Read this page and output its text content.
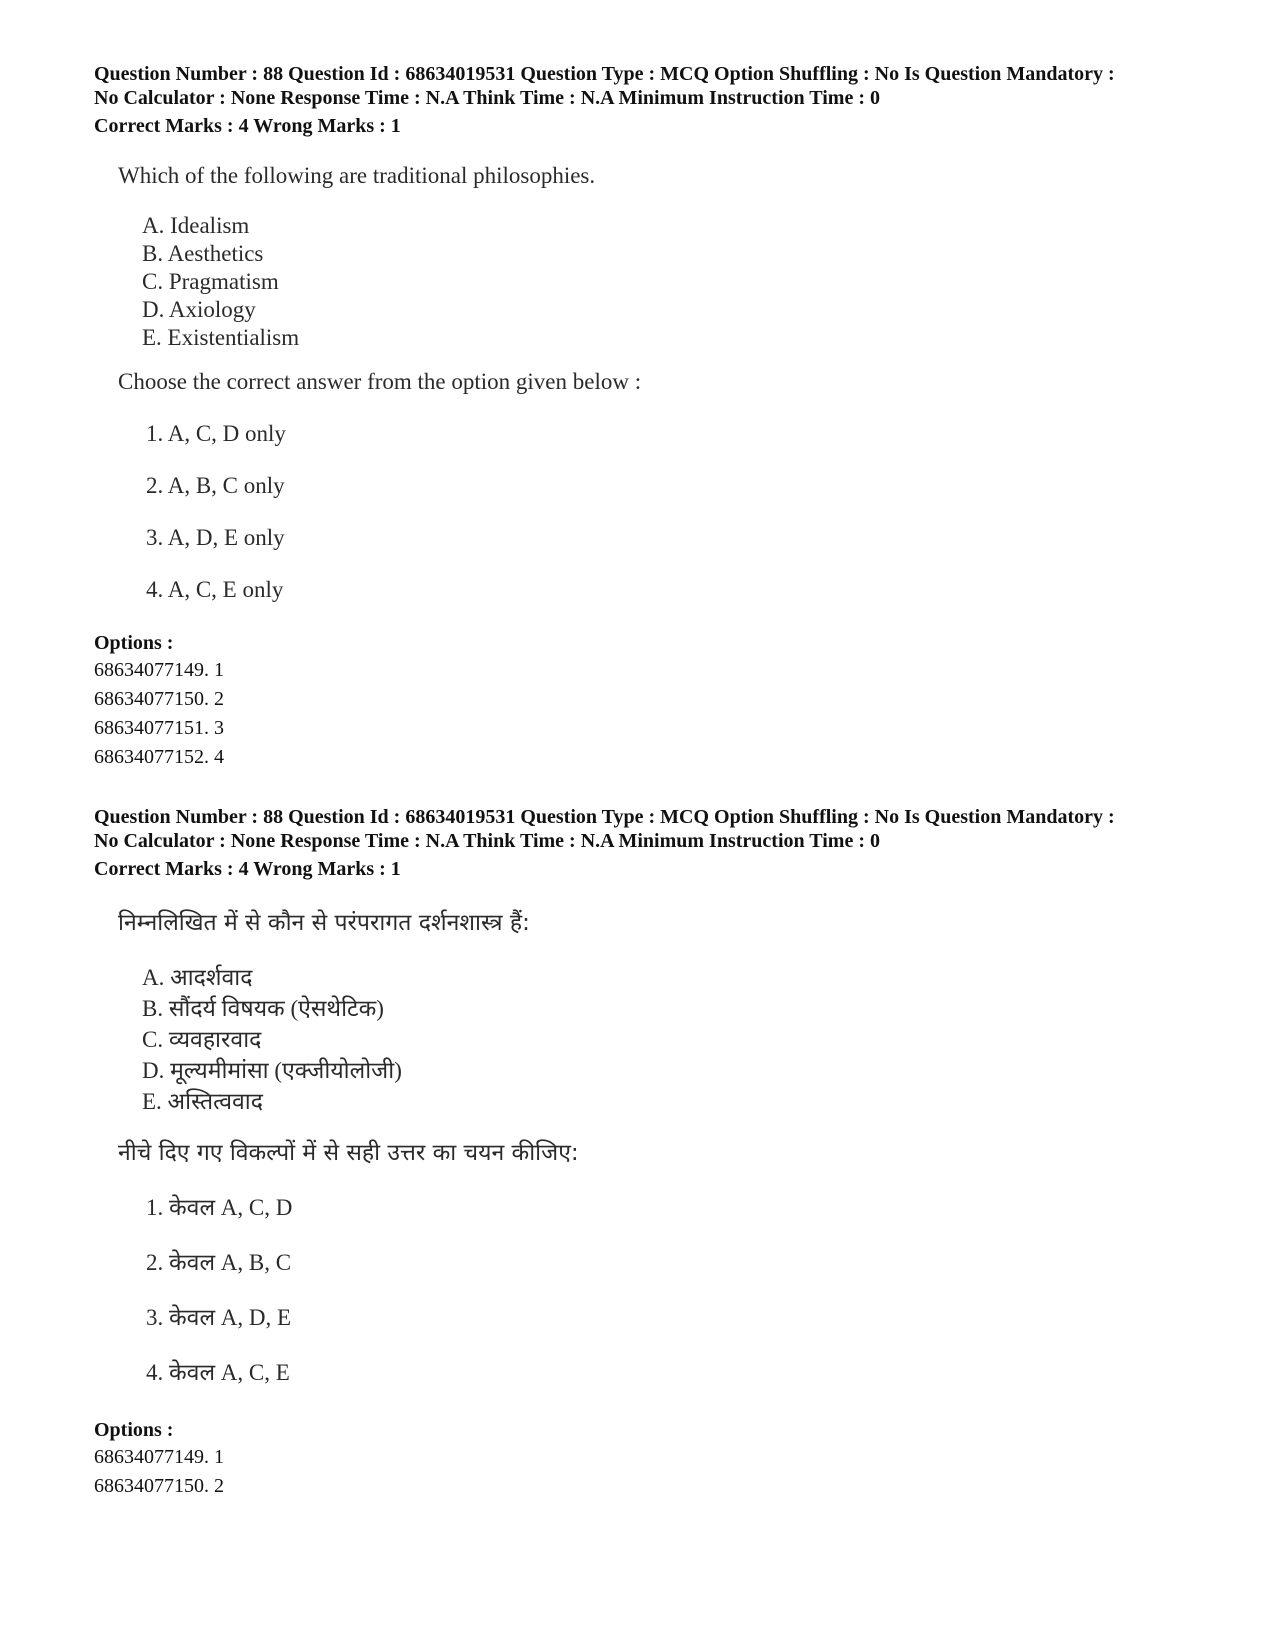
Question Number : 88 Question Id : 68634019531 Question Type : MCQ Option Shuffling : No Is Question Mandatory :

No Calculator : None Response Time : N.A Think Time : N.A Minimum Instruction Time : 0

Correct Marks : 4 Wrong Marks : 1

Which of the following are traditional philosophies.

A. Idealism
B. Aesthetics
C. Pragmatism
D. Axiology
E. Existentialism

Choose the correct answer from the option given below :

1. A, C, D only
2. A, B, C only
3. A, D, E only
4. A, C, E only

Options :

68634077149. 1
68634077150. 2
68634077151. 3
68634077152. 4

Question Number : 88 Question Id : 68634019531 Question Type : MCQ Option Shuffling : No Is Question Mandatory :

No Calculator : None Response Time : N.A Think Time : N.A Minimum Instruction Time : 0

Correct Marks : 4 Wrong Marks : 1

निम्नलिखित में से कौन से परंपरागत दर्शनशास्त्र हैं:

A. आदर्शवाद
B. सौंदर्य विषयक (ऐसथेटिक)
C. व्यवहारवाद
D. मूल्यमीमांसा (एक्जीयोलोजी)
E. अस्तित्ववाद

नीचे दिए गए विकल्पों में से सही उत्तर का चयन कीजिए:

1. केवल A, C, D
2. केवल A, B, C
3. केवल A, D, E
4. केवल A, C, E

Options :

68634077149. 1
68634077150. 2
